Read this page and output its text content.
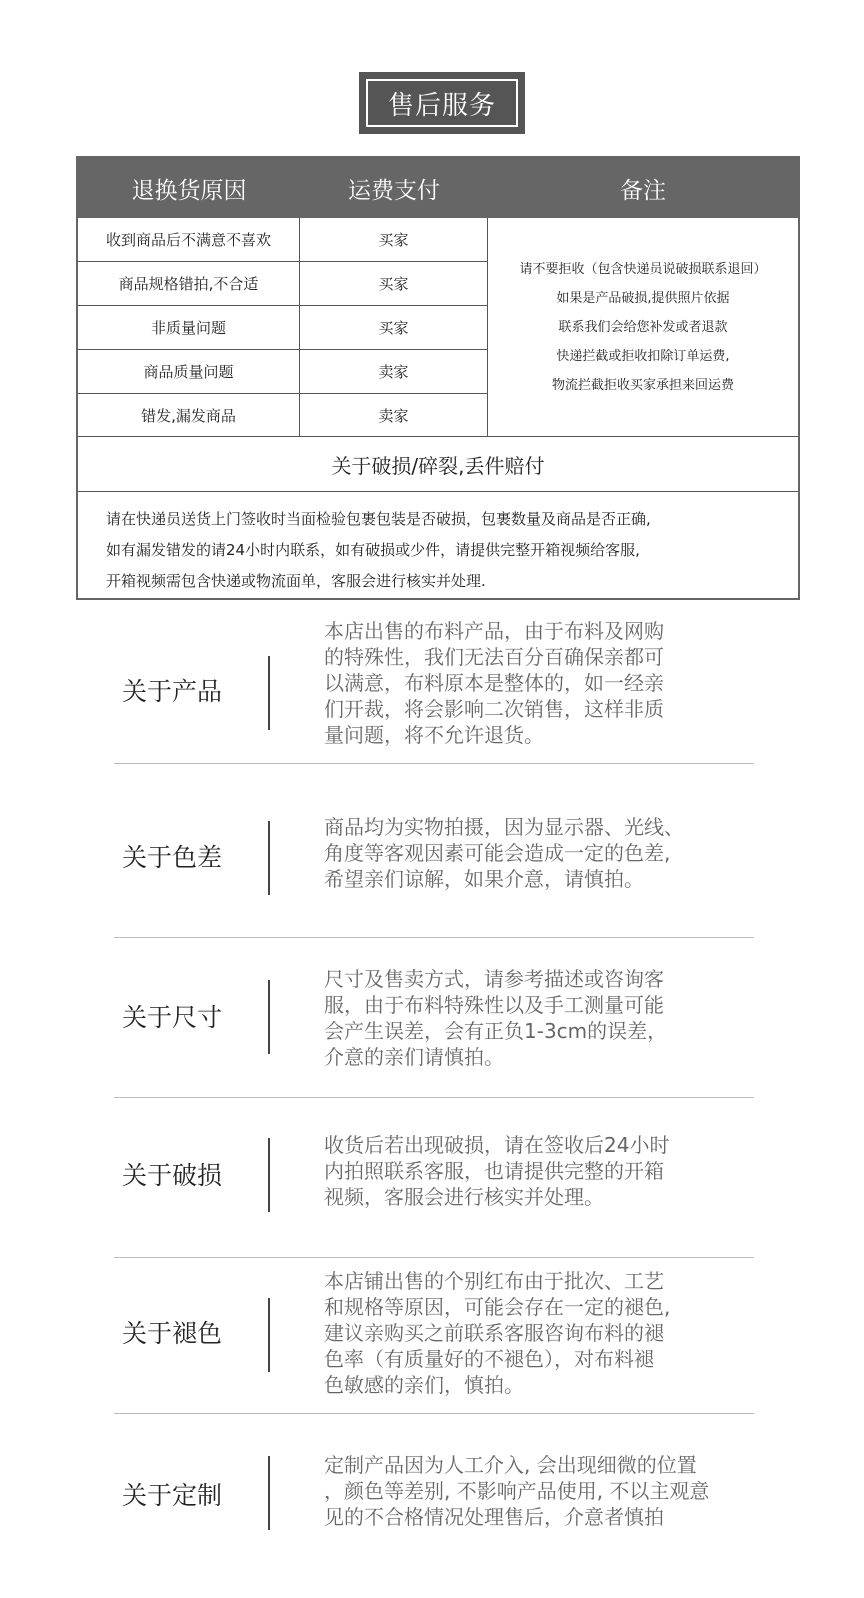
售后服务
退换货原因	运费支付	备注
收到商品后不满意不喜欢	买家
商品规格错拍,不合适	买家
非质量问题	买家
商品质量问题	卖家
错发,漏发商品	卖家
请不要拒收（包含快递员说破损联系退回）
如果是产品破损,提供照片依据
联系我们会给您补发或者退款
快递拦截或拒收扣除订单运费,
物流拦截拒收买家承担来回运费
关于破损/碎裂,丢件赔付
请在快递员送货上门签收时当面检验包裹包装是否破损，包裹数量及商品是否正确,
如有漏发错发的请24小时内联系，如有破损或少件，请提供完整开箱视频给客服,
开箱视频需包含快递或物流面单，客服会进行核实并处理.
关于产品
本店出售的布料产品，由于布料及网购
的特殊性，我们无法百分百确保亲都可
以满意，布料原本是整体的，如一经亲
们开裁，将会影响二次销售，这样非质
量问题，将不允许退货。
关于色差
商品均为实物拍摄，因为显示器、光线、
角度等客观因素可能会造成一定的色差,
希望亲们谅解，如果介意，请慎拍。
关于尺寸
尺寸及售卖方式，请参考描述或咨询客
服，由于布料特殊性以及手工测量可能
会产生误差，会有正负1-3cm的误差，
介意的亲们请慎拍。
关于破损
收货后若出现破损，请在签收后24小时
内拍照联系客服，也请提供完整的开箱
视频，客服会进行核实并处理。
关于褪色
本店铺出售的个别红布由于批次、工艺
和规格等原因，可能会存在一定的褪色,
建议亲购买之前联系客服咨询布料的褪
色率（有质量好的不褪色），对布料褪
色敏感的亲们，慎拍。
关于定制
定制产品因为人工介入, 会出现细微的位置
，颜色等差别, 不影响产品使用, 不以主观意
见的不合格情况处理售后，介意者慎拍
